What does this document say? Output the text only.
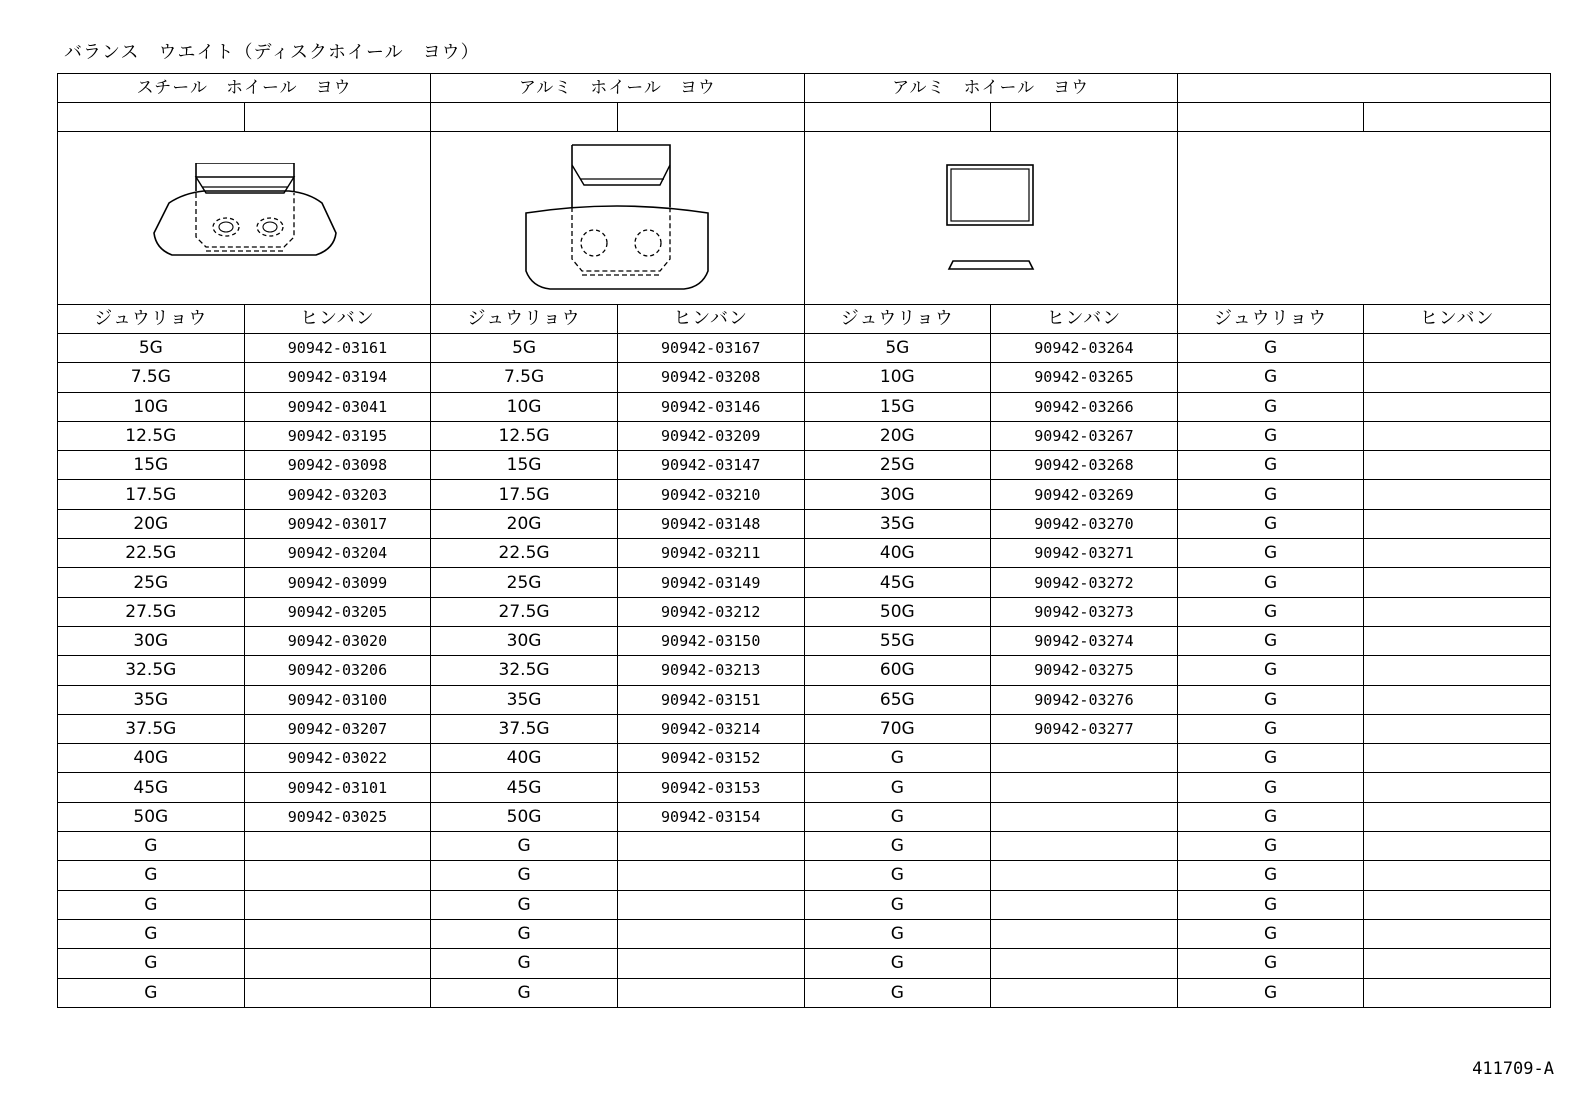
バランス　ウエイト（ディスクホイール　ヨウ）
スチール　ホイール　ヨウ		アルミ　ホイール　ヨウ		アルミ　ホイール　ヨウ			

ジュウリョウ	ヒンバン	ジュウリョウ	ヒンバン	ジュウリョウ	ヒンバン	ジュウリョウ	ヒンバン
5G	90942-03161	5G	90942-03167	5G	90942-03264	G	
7.5G	90942-03194	7.5G	90942-03208	10G	90942-03265	G	
10G	90942-03041	10G	90942-03146	15G	90942-03266	G	
12.5G	90942-03195	12.5G	90942-03209	20G	90942-03267	G	
15G	90942-03098	15G	90942-03147	25G	90942-03268	G	
17.5G	90942-03203	17.5G	90942-03210	30G	90942-03269	G	
20G	90942-03017	20G	90942-03148	35G	90942-03270	G	
22.5G	90942-03204	22.5G	90942-03211	40G	90942-03271	G	
25G	90942-03099	25G	90942-03149	45G	90942-03272	G	
27.5G	90942-03205	27.5G	90942-03212	50G	90942-03273	G	
30G	90942-03020	30G	90942-03150	55G	90942-03274	G	
32.5G	90942-03206	32.5G	90942-03213	60G	90942-03275	G	
35G	90942-03100	35G	90942-03151	65G	90942-03276	G	
37.5G	90942-03207	37.5G	90942-03214	70G	90942-03277	G	
40G	90942-03022	40G	90942-03152	G		G	
45G	90942-03101	45G	90942-03153	G		G	
50G	90942-03025	50G	90942-03154	G		G	
G		G		G		G	
G		G		G		G	
G		G		G		G	
G		G		G		G	
G		G		G		G	
G		G		G		G	
411709-A
